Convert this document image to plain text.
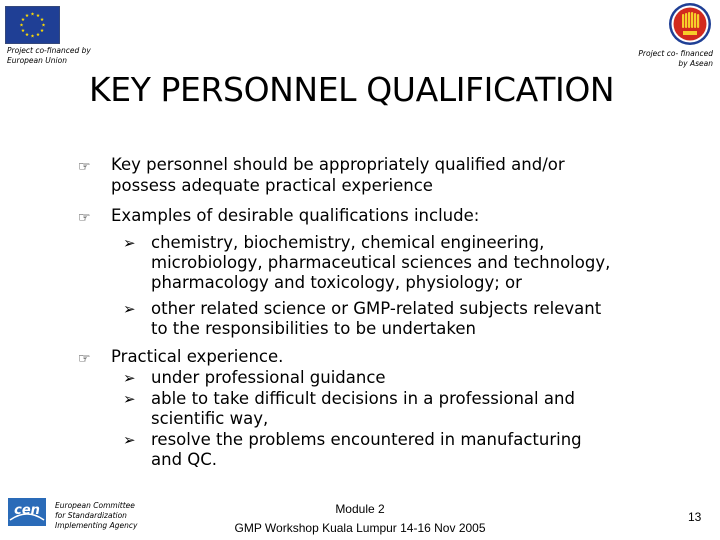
Project co-financed by
European Union
Project co- financed
by Asean
KEY PERSONNEL QUALIFICATION
☞ Key personnel should be appropriately qualified and/or
possess adequate practical experience
☞ Examples of desirable qualifications include:
➢ chemistry, biochemistry, chemical engineering,
microbiology, pharmaceutical sciences and technology,
pharmacology and toxicology, physiology; or
➢ other related science or GMP-related subjects relevant
to the responsibilities to be undertaken
☞ Practical experience.
➢ under professional guidance
➢ able to take difficult decisions in a professional and
scientific way,
➢ resolve the problems encountered in manufacturing
and QC.
cen European Committee
for Standardization
Implementing Agency
Module 2
GMP Workshop Kuala Lumpur 14-16 Nov 2005
13
